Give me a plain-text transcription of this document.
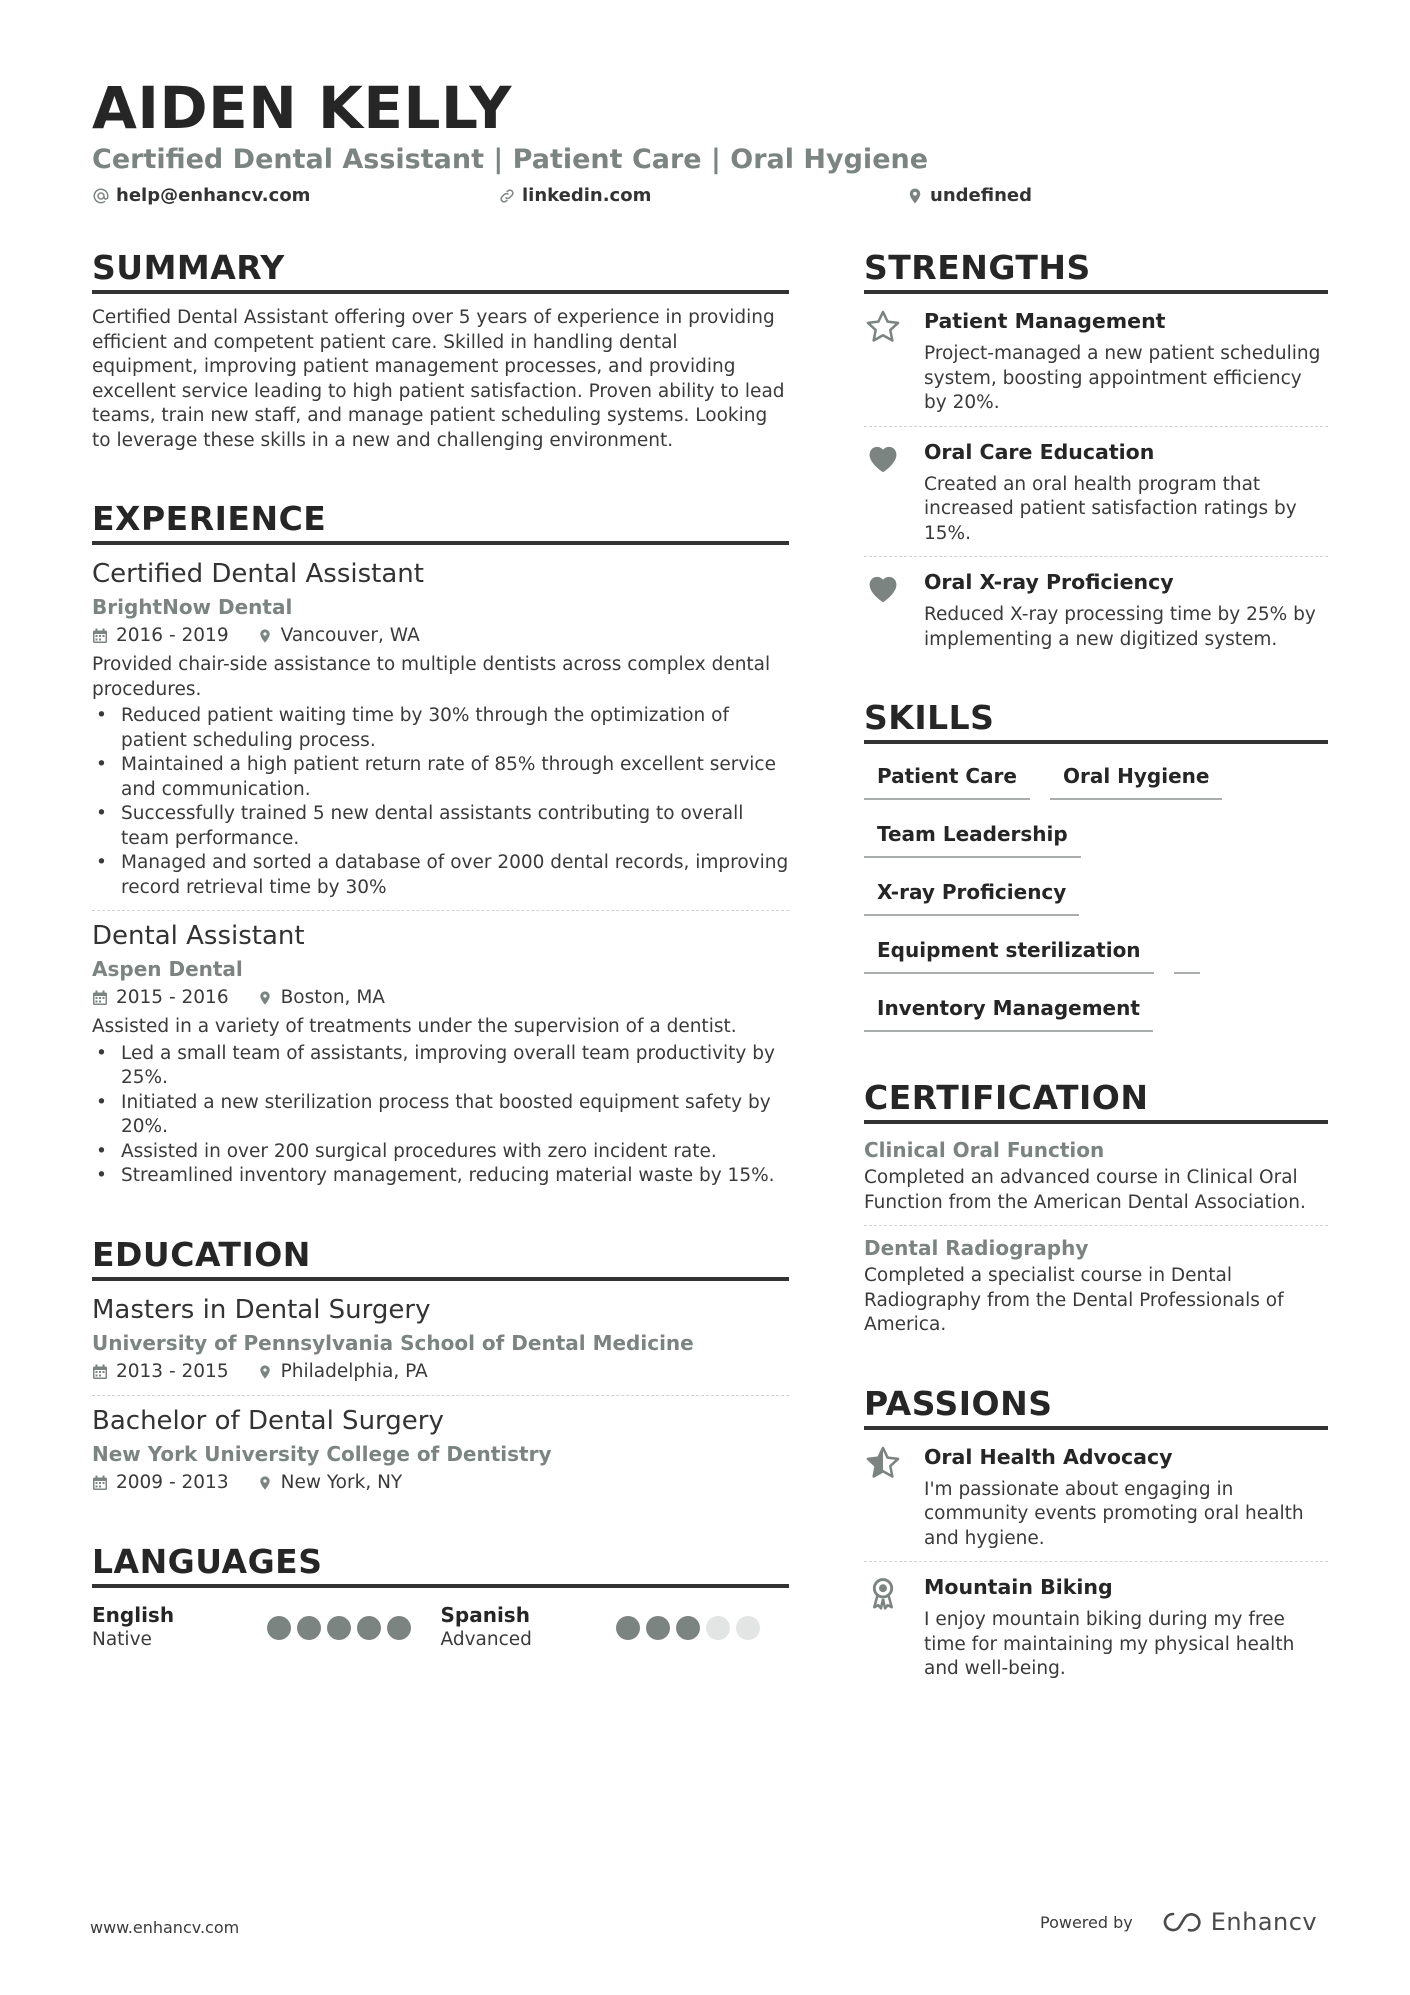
AIDEN KELLY
Certified Dental Assistant | Patient Care | Oral Hygiene
help@enhancv.com	linkedin.com	undefined
SUMMARY
Certified Dental Assistant offering over 5 years of experience in providing efficient and competent patient care. Skilled in handling dental equipment, improving patient management processes, and providing excellent service leading to high patient satisfaction. Proven ability to lead teams, train new staff, and manage patient scheduling systems. Looking to leverage these skills in a new and challenging environment.
EXPERIENCE
Certified Dental Assistant
BrightNow Dental
2016 - 2019	Vancouver, WA
Provided chair-side assistance to multiple dentists across complex dental procedures.
• Reduced patient waiting time by 30% through the optimization of patient scheduling process.
• Maintained a high patient return rate of 85% through excellent service and communication.
• Successfully trained 5 new dental assistants contributing to overall team performance.
• Managed and sorted a database of over 2000 dental records, improving record retrieval time by 30%
Dental Assistant
Aspen Dental
2015 - 2016	Boston, MA
Assisted in a variety of treatments under the supervision of a dentist.
• Led a small team of assistants, improving overall team productivity by 25%.
• Initiated a new sterilization process that boosted equipment safety by 20%.
• Assisted in over 200 surgical procedures with zero incident rate.
• Streamlined inventory management, reducing material waste by 15%.
EDUCATION
Masters in Dental Surgery
University of Pennsylvania School of Dental Medicine
2013 - 2015	Philadelphia, PA
Bachelor of Dental Surgery
New York University College of Dentistry
2009 - 2013	New York, NY
LANGUAGES
English
Native
Spanish
Advanced
STRENGTHS
Patient Management
Project-managed a new patient scheduling system, boosting appointment efficiency by 20%.
Oral Care Education
Created an oral health program that increased patient satisfaction ratings by 15%.
Oral X-ray Proficiency
Reduced X-ray processing time by 25% by implementing a new digitized system.
SKILLS
Patient Care	Oral Hygiene
Team Leadership
X-ray Proficiency
Equipment sterilization
Inventory Management
CERTIFICATION
Clinical Oral Function
Completed an advanced course in Clinical Oral Function from the American Dental Association.
Dental Radiography
Completed a specialist course in Dental Radiography from the Dental Professionals of America.
PASSIONS
Oral Health Advocacy
I'm passionate about engaging in community events promoting oral health and hygiene.
Mountain Biking
I enjoy mountain biking during my free time for maintaining my physical health and well-being.
www.enhancv.com	Powered by	Enhancv
